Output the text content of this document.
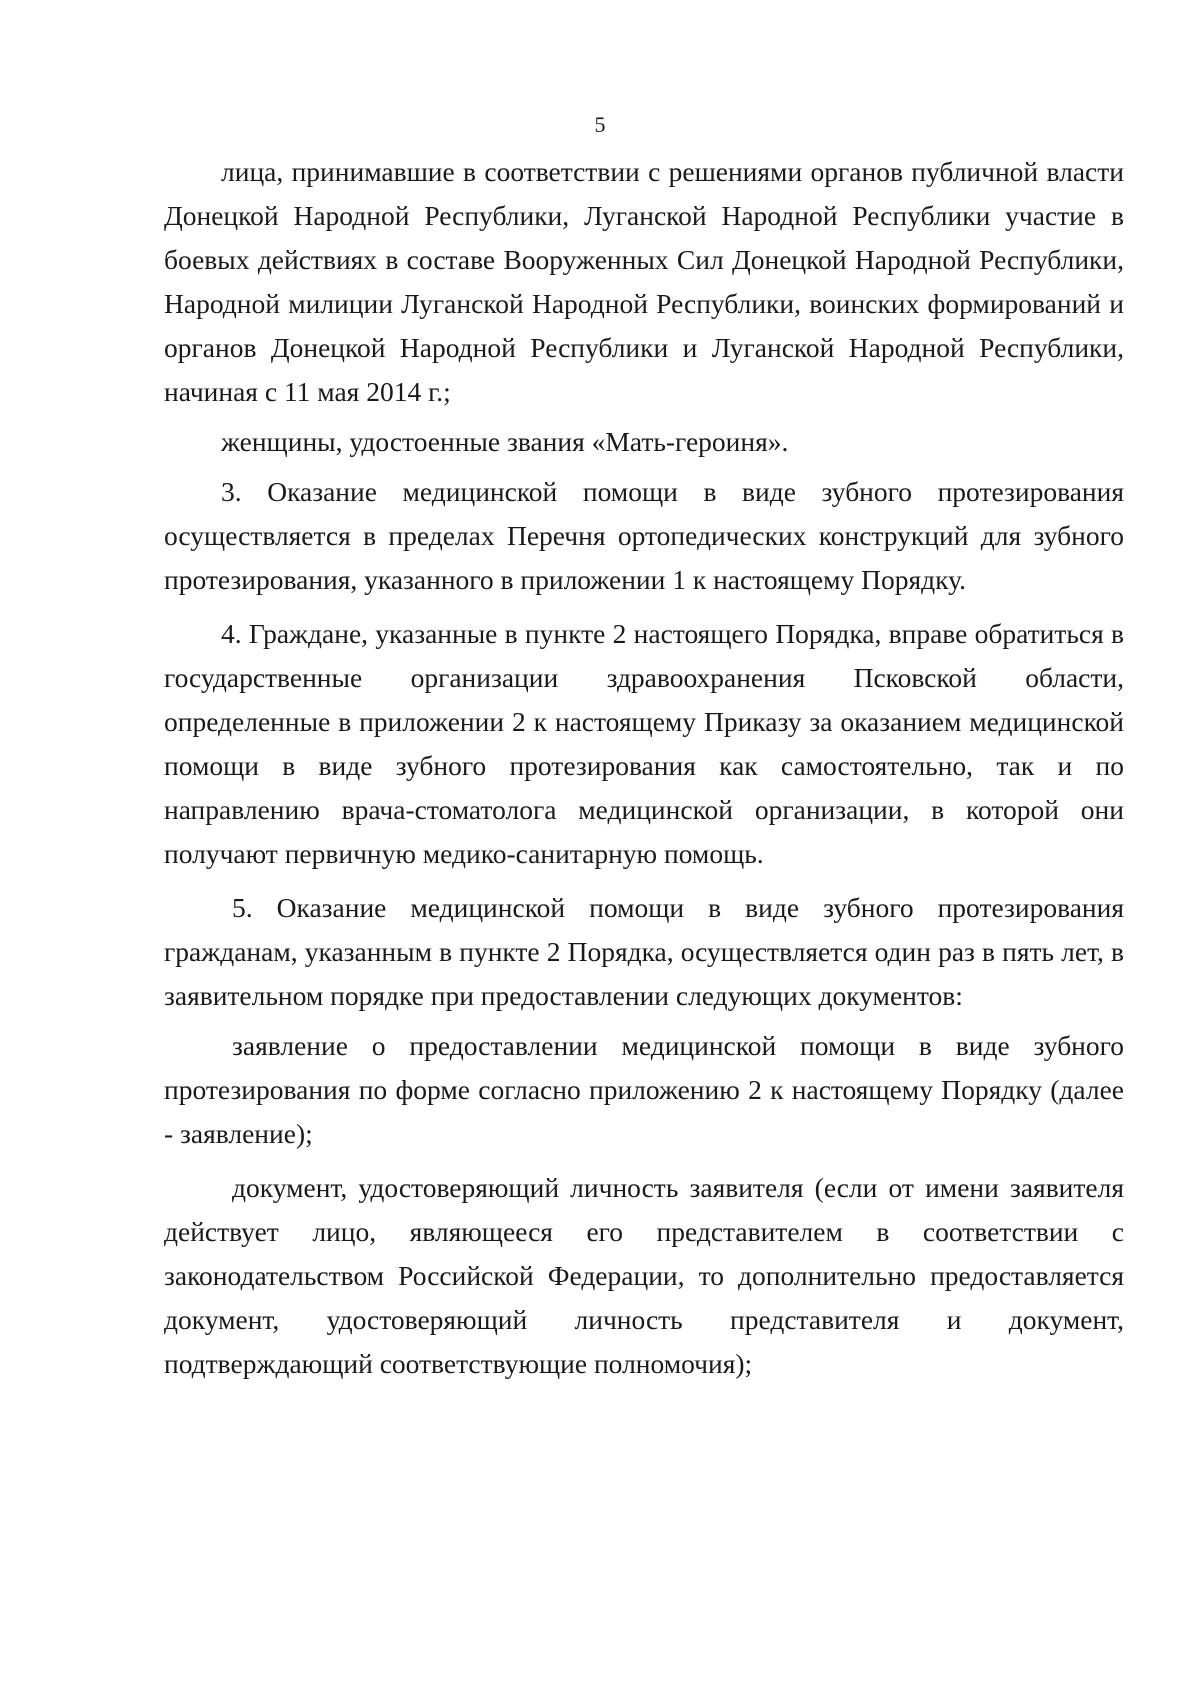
5

лица, принимавшие в соответствии с решениями органов публичной власти Донецкой Народной Республики, Луганской Народной Республики участие в боевых действиях в составе Вооруженных Сил Донецкой Народной Республики, Народной милиции Луганской Народной Республики, воинских формирований и органов Донецкой Народной Республики и Луганской Народной Республики, начиная с 11 мая 2014 г.;

женщины, удостоенные звания «Мать-героиня».

3. Оказание медицинской помощи в виде зубного протезирования осуществляется в пределах Перечня ортопедических конструкций для зубного протезирования, указанного в приложении 1 к настоящему Порядку.

4. Граждане, указанные в пункте 2 настоящего Порядка, вправе обратиться в государственные организации здравоохранения Псковской области, определенные в приложении 2 к настоящему Приказу за оказанием медицинской помощи в виде зубного протезирования как самостоятельно, так и по направлению врача-стоматолога медицинской организации, в которой они получают первичную медико-санитарную помощь.

5. Оказание медицинской помощи в виде зубного протезирования гражданам, указанным в пункте 2 Порядка, осуществляется один раз в пять лет, в заявительном порядке при предоставлении следующих документов:

заявление о предоставлении медицинской помощи в виде зубного протезирования по форме согласно приложению 2 к настоящему Порядку (далее - заявление);

документ, удостоверяющий личность заявителя (если от имени заявителя действует лицо, являющееся его представителем в соответствии с законодательством Российской Федерации, то дополнительно предоставляется документ, удостоверяющий личность представителя и документ, подтверждающий соответствующие полномочия);
